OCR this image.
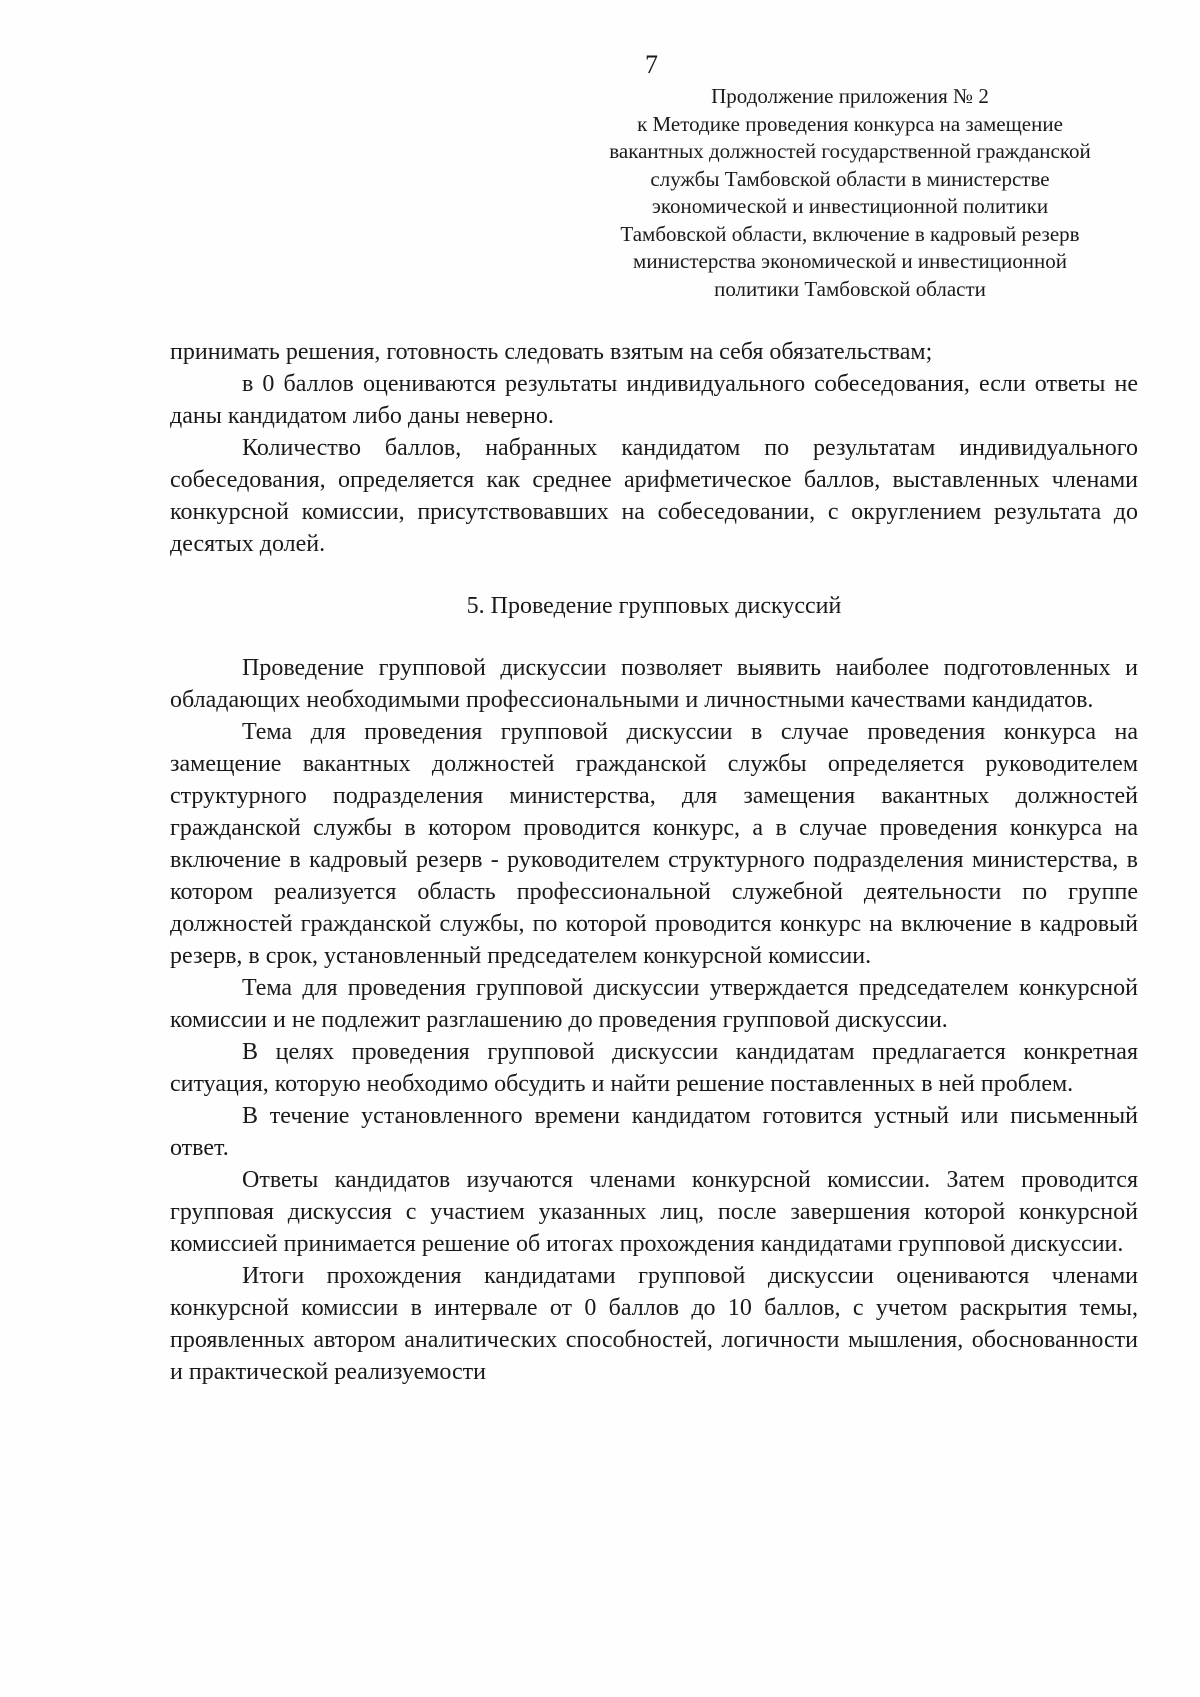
7
Продолжение приложения № 2
к Методике проведения конкурса на замещение
вакантных должностей государственной гражданской
службы Тамбовской области в министерстве
экономической и инвестиционной политики
Тамбовской области, включение в кадровый резерв
министерства экономической и инвестиционной
политики Тамбовской области

принимать решения, готовность следовать взятым на себя обязательствам;

в 0 баллов оцениваются результаты индивидуального собеседования, если ответы не даны кандидатом либо даны неверно.

Количество баллов, набранных кандидатом по результатам индивидуального собеседования, определяется как среднее арифметическое баллов, выставленных членами конкурсной комиссии, присутствовавших на собеседовании, с округлением результата до десятых долей.

5. Проведение групповых дискуссий

Проведение групповой дискуссии позволяет выявить наиболее подготовленных и обладающих необходимыми профессиональными и личностными качествами кандидатов.

Тема для проведения групповой дискуссии в случае проведения конкурса на замещение вакантных должностей гражданской службы определяется руководителем структурного подразделения министерства, для замещения вакантных должностей гражданской службы в котором проводится конкурс, а в случае проведения конкурса на включение в кадровый резерв - руководителем структурного подразделения министерства, в котором реализуется область профессиональной служебной деятельности по группе должностей гражданской службы, по которой проводится конкурс на включение в кадровый резерв, в срок, установленный председателем конкурсной комиссии.

Тема для проведения групповой дискуссии утверждается председателем конкурсной комиссии и не подлежит разглашению до проведения групповой дискуссии.

В целях проведения групповой дискуссии кандидатам предлагается конкретная ситуация, которую необходимо обсудить и найти решение поставленных в ней проблем.

В течение установленного времени кандидатом готовится устный или письменный ответ.

Ответы кандидатов изучаются членами конкурсной комиссии. Затем проводится групповая дискуссия с участием указанных лиц, после завершения которой конкурсной комиссией принимается решение об итогах прохождения кандидатами групповой дискуссии.

Итоги прохождения кандидатами групповой дискуссии оцениваются членами конкурсной комиссии в интервале от 0 баллов до 10 баллов, с учетом раскрытия темы, проявленных автором аналитических способностей, логичности мышления, обоснованности и практической реализуемости
